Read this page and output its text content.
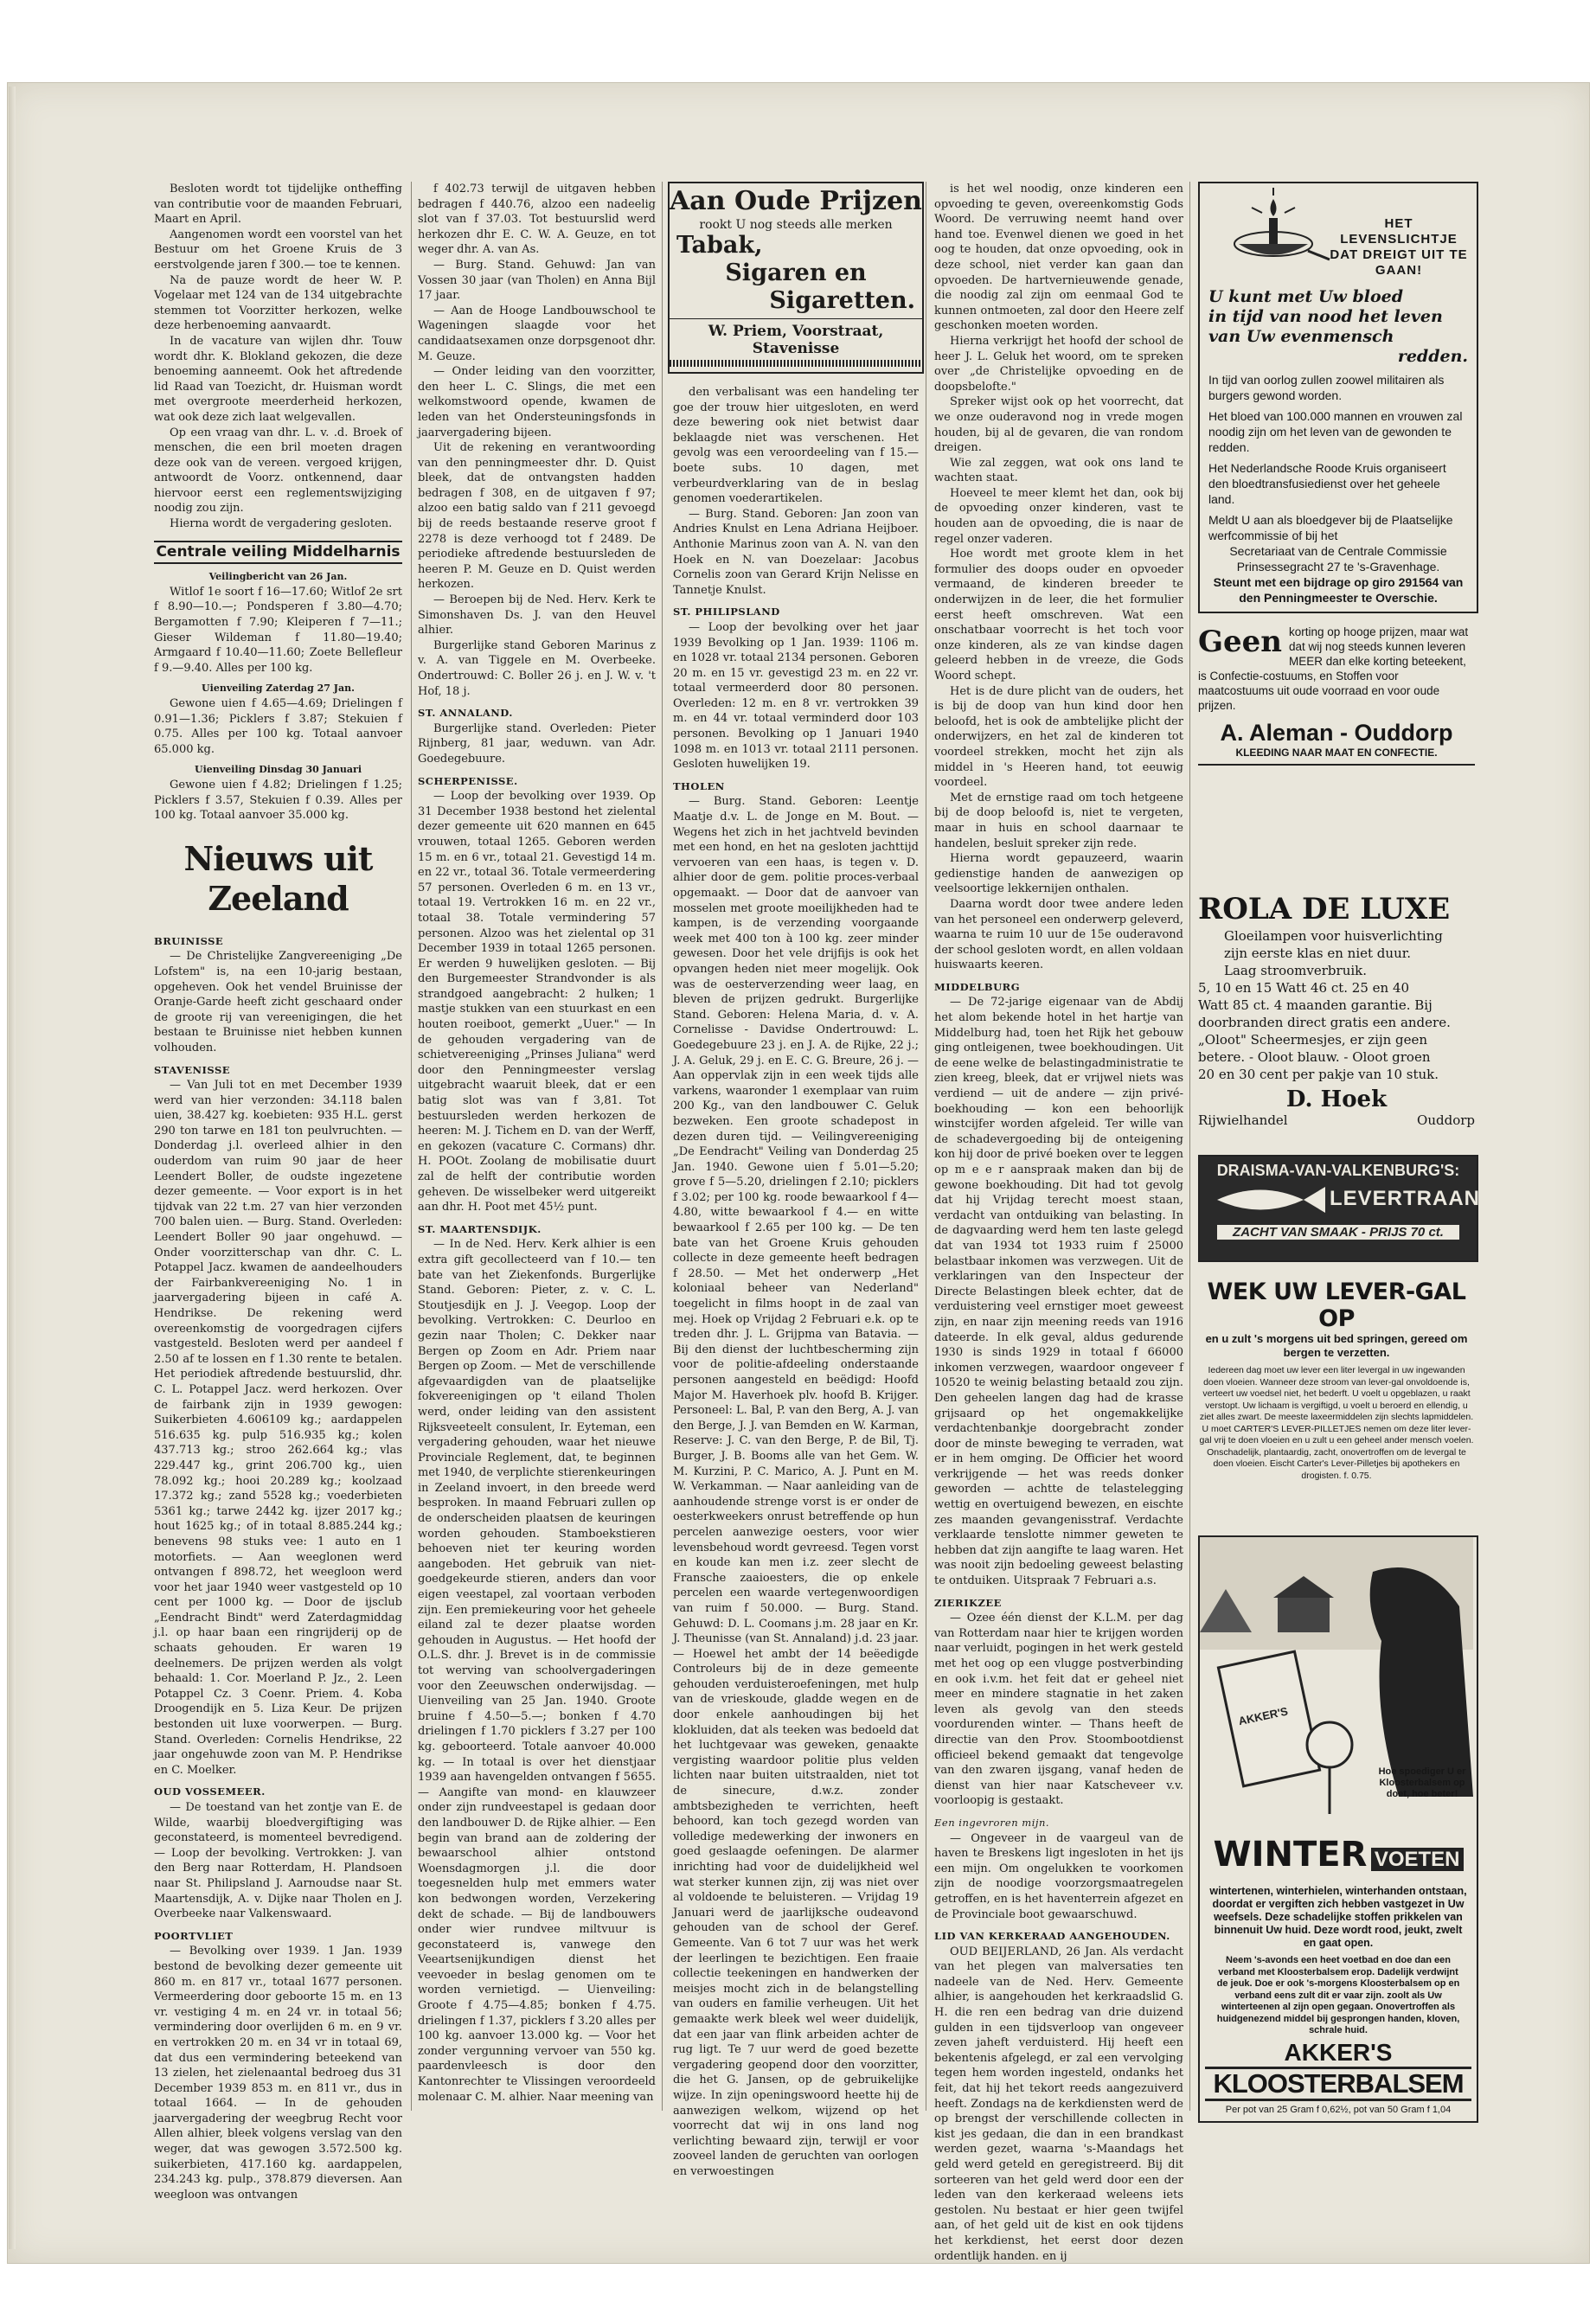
Besloten wordt tot tijdelijke ontheffing van contributie voor de maanden Februari, Maart en April.

Aangenomen wordt een voorstel van het Bestuur om het Groene Kruis de 3 eerstvolgende jaren f 300.— toe te kennen.

Na de pauze wordt de heer W. P. Vogelaar met 124 van de 134 uitgebrachte stemmen tot Voorzitter herkozen, welke deze herbenoeming aanvaardt.

In de vacature van wijlen dhr. Touw wordt dhr. K. Blokland gekozen, die deze benoeming aanneemt. Ook het aftredende lid Raad van Toezicht, dr. Huisman wordt met overgroote meerderheid herkozen, wat ook deze zich laat welgevallen.

Op een vraag van dhr. L. v. .d. Broek of menschen, die een bril moeten dragen deze ook van de vereen. vergoed krijgen, antwoordt de Voorz. ontkennend, daar hiervoor eerst een reglementswijziging noodig zou zijn.

Hierna wordt de vergadering gesloten.

Centrale veiling Middelharnis

Veilingbericht van 26 Jan.

Witlof 1e soort f 16—17.60; Witlof 2e srt f 8.90—10.—; Pondsperen f 3.80—4.70; Bergamotten f 7.90; Kleiperen f 7—11.; Gieser Wildeman f 11.80—19.40; Armgaard f 10.40—11.60; Zoete Bellefleur f 9.—9.40. Alles per 100 kg.

Uienveiling Zaterdag 27 Jan.

Gewone uien f 4.65—4.69; Drielingen f 0.91—1.36; Picklers f 3.87; Stekuien f 0.75. Alles per 100 kg. Totaal aanvoer 65.000 kg.

Uienveiling Dinsdag 30 Januari

Gewone uien f 4.82; Drielingen f 1.25; Picklers f 3.57, Stekuien f 0.39. Alles per 100 kg. Totaal aanvoer 35.000 kg.

Nieuws uit Zeeland

BRUINISSE

— De Christelijke Zangvereeniging „De Lofstem" is, na een 10-jarig bestaan, opgeheven. Ook het vendel Bruinisse der Oranje-Garde heeft zicht geschaard onder de groote rij van vereenigingen, die het bestaan te Bruinisse niet hebben kunnen volhouden.

STAVENISSE

— Van Juli tot en met December 1939 werd van hier verzonden: 34.118 balen uien, 38.427 kg. koebieten: 935 H.L. gerst 290 ton tarwe en 181 ton peulvruchten. — Donderdag j.l. overleed alhier in den ouderdom van ruim 90 jaar de heer Leendert Boller, de oudste ingezetene dezer gemeente. — Voor export is in het tijdvak van 22 t.m. 27 van hier verzonden 700 balen uien. — Burg. Stand. Overleden: Leendert Boller 90 jaar ongehuwd. — Onder voorzitterschap van dhr. C. L. Potappel Jacz. kwamen de aandeelhouders der Fairbankvereeniging No. 1 in jaarvergadering bijeen in café A. Hendrikse. De rekening werd overeenkomstig de voorgedragen cijfers vastgesteld. Besloten werd per aandeel f 2.50 af te lossen en f 1.30 rente te betalen. Het periodiek aftredende bestuurslid, dhr. C. L. Potappel Jacz. werd herkozen. Over de fairbank zijn in 1939 gewogen: Suikerbieten 4.606109 kg.; aardappelen 516.635 kg. pulp 516.935 kg.; kolen 437.713 kg.; stroo 262.664 kg.; vlas 229.447 kg., grint 206.700 kg., uien 78.092 kg.; hooi 20.289 kg.; koolzaad 17.372 kg.; zand 5528 kg.; voederbieten 5361 kg.; tarwe 2442 kg. ijzer 2017 kg.; hout 1625 kg.; of in totaal 8.885.244 kg.; benevens 98 stuks vee: 1 auto en 1 motorfiets. — Aan weeglonen werd ontvangen f 898.72, het weegloon werd voor het jaar 1940 weer vastgesteld op 10 cent per 1000 kg. — Door de ijsclub „Eendracht Bindt" werd Zaterdagmiddag j.l. op haar baan een ringrijderij op de schaats gehouden. Er waren 19 deelnemers. De prijzen werden als volgt behaald: 1. Cor. Moerland P. Jz., 2. Leen Potappel Cz. 3 Coenr. Priem. 4. Koba Droogendijk en 5. Liza Keur. De prijzen bestonden uit luxe voorwerpen. — Burg. Stand. Overleden: Cornelis Hendrikse, 22 jaar ongehuwde zoon van M. P. Hendrikse en C. Moelker.

OUD VOSSEMEER.

— De toestand van het zontje van E. de Wilde, waarbij bloedvergiftiging was geconstateerd, is momenteel bevredigend. — Loop der bevolking. Vertrokken: J. van den Berg naar Rotterdam, H. Plandsoen naar St. Philipsland J. Aarnoudse naar St. Maartensdijk, A. v. Dijke naar Tholen en J. Overbeeke naar Valkenswaard.

POORTVLIET

— Bevolking over 1939. 1 Jan. 1939 bestond de bevolking dezer gemeente uit 860 m. en 817 vr., totaal 1677 personen. Vermeerdering door geboorte 15 m. en 13 vr. vestiging 4 m. en 24 vr. in totaal 56; vermindering door overlijden 6 m. en 9 vr. en vertrokken 20 m. en 34 vr in totaal 69, dat dus een vermindering beteekend van 13 zielen, het zielenaantal bedroeg dus 31 December 1939 853 m. en 811 vr., dus in totaal 1664. — In de gehouden jaarvergadering der weegbrug Recht voor Allen alhier, bleek volgens verslag van den weger, dat was gewogen 3.572.500 kg. suikerbieten, 417.160 kg. aardappelen, 234.243 kg. pulp., 378.879 dieversen. Aan weegloon was ontvangen

f 402.73 terwijl de uitgaven hebben bedragen f 440.76, alzoo een nadeelig slot van f 37.03. Tot bestuurslid werd herkozen dhr E. C. W. A. Geuze, en tot weger dhr. A. van As.

— Burg. Stand. Gehuwd: Jan van Vossen 30 jaar (van Tholen) en Anna Bijl 17 jaar.

— Aan de Hooge Landbouwschool te Wageningen slaagde voor het candidaatsexamen onze dorpsgenoot dhr. M. Geuze.

— Onder leiding van den voorzitter, den heer L. C. Slings, die met een welkomstwoord opende, kwamen de leden van het Ondersteuningsfonds in jaarvergadering bijeen.

Uit de rekening en verantwoording van den penningmeester dhr. D. Quist bleek, dat de ontvangsten hadden bedragen f 308, en de uitgaven f 97; alzoo een batig saldo van f 211 gevoegd bij de reeds bestaande reserve groot f 2278 is deze verhoogd tot f 2489. De periodieke aftredende bestuursleden de heeren P. M. Geuze en D. Quist werden herkozen.

— Beroepen bij de Ned. Herv. Kerk te Simonshaven Ds. J. van den Heuvel alhier.

Burgerlijke stand Geboren Marinus z v. A. van Tiggele en M. Overbeeke. Ondertrouwd: C. Boller 26 j. en J. W. v. 't Hof, 18 j.

ST. ANNALAND.

Burgerlijke stand. Overleden: Pieter Rijnberg, 81 jaar, weduwn. van Adr. Goedegebuure.

SCHERPENISSE.

— Loop der bevolking over 1939. Op 31 December 1938 bestond het zielental dezer gemeente uit 620 mannen en 645 vrouwen, totaal 1265. Geboren werden 15 m. en 6 vr., totaal 21. Gevestigd 14 m. en 22 vr., totaal 36. Totale vermeerdering 57 personen. Overleden 6 m. en 13 vr., totaal 19. Vertrokken 16 m. en 22 vr., totaal 38. Totale vermindering 57 personen. Alzoo was het zielental op 31 December 1939 in totaal 1265 personen. Er werden 9 huwelijken gesloten. — Bij den Burgemeester Strandvonder is als strandgoed aangebracht: 2 hulken; 1 mastje stukken van een stuurkast en een houten roeiboot, gemerkt „Uuer." — In de gehouden vergadering van de schietvereeniging „Prinses Juliana" werd door den Penningmeester verslag uitgebracht waaruit bleek, dat er een batig slot was van f 3,81. Tot bestuursleden werden herkozen de heeren: M. J. Tichem en D. van der Werff, en gekozen (vacature C. Cormans) dhr. H. POOt. Zoolang de mobilisatie duurt zal de helft der contributie worden geheven. De wisselbeker werd uitgereikt aan dhr. H. Poot met 45½ punt.

ST. MAARTENSDIJK.

— In de Ned. Herv. Kerk alhier is een extra gift gecollecteerd van f 10.— ten bate van het Ziekenfonds. Burgerlijke Stand. Geboren: Pieter, z. v. C. L. Stoutjesdijk en J. J. Veegop. Loop der bevolking. Vertrokken: C. Deurloo en gezin naar Tholen; C. Dekker naar Bergen op Zoom en Adr. Priem naar Bergen op Zoom. — Met de verschillende afgevaardigden van de plaatselijke fokvereenigingen op 't eiland Tholen werd, onder leiding van den assistent Rijksveeteelt consulent, Ir. Eyteman, een vergadering gehouden, waar het nieuwe Provinciale Reglement, dat, te beginnen met 1940, de verplichte stierenkeuringen in Zeeland invoert, in den breede werd besproken. In maand Februari zullen op de onderscheiden plaatsen de keuringen worden gehouden. Stamboekstieren behoeven niet ter keuring worden aangeboden. Het gebruik van niet-goedgekeurde stieren, anders dan voor eigen veestapel, zal voortaan verboden zijn. Een premiekeuring voor het geheele eiland zal te dezer plaatse worden gehouden in Augustus. — Het hoofd der O.L.S. dhr. J. Brevet is in de commissie tot werving van schoolvergaderingen voor den Zeeuwschen onderwijsdag. — Uienveiling van 25 Jan. 1940. Groote bruine f 4.50—5.—; bonken f 4.70 drielingen f 1.70 picklers f 3.27 per 100 kg. geboorteerd. Totale aanvoer 40.000 kg. — In totaal is over het dienstjaar 1939 aan havengelden ontvangen f 5655. — Aangifte van mond- en klauwzeer onder zijn rundveestapel is gedaan door den landbouwer D. de Rijke alhier. — Een begin van brand aan de zoldering der bewaarschool alhier ontstond Woensdagmorgen j.l. die door toegesnelden hulp met emmers water kon bedwongen worden, Verzekering dekt de schade. — Bij de landbouwers onder wier rundvee miltvuur is geconstateerd is, vanwege den Veeartsenijkundigen dienst het veevoeder in beslag genomen om te worden vernietigd. — Uienveiling: Groote f 4.75—4.85; bonken f 4.75. drielingen f 1.37, picklers f 3.20 alles per 100 kg. aanvoer 13.000 kg. — Voor het zonder vergunning vervoer van 550 kg. paardenvleesch is door den Kantonrechter te Vlissingen veroordeeld molenaar C. M. alhier. Naar meening van

Aan Oude Prijzen
rookt U nog steeds alle merken
Tabak,
Sigaren en
Sigaretten.
W. Priem, Voorstraat, Stavenisse

den verbalisant was een handeling ter goe der trouw hier uitgesloten, en werd deze bewering ook niet betwist daar beklaagde niet was verschenen. Het gevolg was een veroordeeling van f 15.— boete subs. 10 dagen, met verbeurdverklaring van de in beslag genomen voederartikelen.

— Burg. Stand. Geboren: Jan zoon van Andries Knulst en Lena Adriana Heijboer. Anthonie Marinus zoon van A. N. van den Hoek en N. van Doezelaar: Jacobus Cornelis zoon van Gerard Krijn Nelisse en Tannetje Knulst.

ST. PHILIPSLAND

— Loop der bevolking over het jaar 1939 Bevolking op 1 Jan. 1939: 1106 m. en 1028 vr. totaal 2134 personen. Geboren 20 m. en 15 vr. gevestigd 23 m. en 22 vr. totaal vermeerderd door 80 personen. Overleden: 12 m. en 8 vr. vertrokken 39 m. en 44 vr. totaal verminderd door 103 personen. Bevolking op 1 Januari 1940 1098 m. en 1013 vr. totaal 2111 personen. Gesloten huwelijken 19.

THOLEN

— Burg. Stand. Geboren: Leentje Maatje d.v. L. de Jonge en M. Bout. — Wegens het zich in het jachtveld bevinden met een hond, en het na gesloten jachttijd vervoeren van een haas, is tegen v. D. alhier door de gem. politie proces-verbaal opgemaakt. — Door dat de aanvoer van mosselen met groote moeilijkheden had te kampen, is de verzending voorgaande week met 400 ton à 100 kg. zeer minder gewesen. Door het vele drijfijs is ook het opvangen heden niet meer mogelijk. Ook was de oesterverzending weer laag, en bleven de prijzen gedrukt. Burgerlijke Stand. Geboren: Helena Maria, d. v. A. Cornelisse - Davidse Ondertrouwd: L. Goedegebuure 23 j. en J. A. de Rijke, 22 j.; J. A. Geluk, 29 j. en E. C. G. Breure, 26 j. — Aan oppervlak zijn in een week tijds alle varkens, waaronder 1 exemplaar van ruim 200 Kg., van den landbouwer C. Geluk bezweken. Een groote schadepost in dezen duren tijd. — Veilingvereeniging „De Eendracht" Veiling van Donderdag 25 Jan. 1940. Gewone uien f 5.01—5.20; grove f 5—5.20, drielingen f 2.10; picklers f 3.02; per 100 kg. roode bewaarkool f 4—4.80, witte bewaarkool f 4.— en witte bewaarkool f 2.65 per 100 kg. — De ten bate van het Groene Kruis gehouden collecte in deze gemeente heeft bedragen f 28.50. — Met het onderwerp „Het koloniaal beheer van Nederland" toegelicht in films hoopt in de zaal van mej. Hoek op Vrijdag 2 Februari e.k. op te treden dhr. J. L. Grijpma van Batavia. — Bij den dienst der luchtbescherming zijn voor de politie-afdeeling onderstaande personen aangesteld en beëdigd: Hoofd Major M. Haverhoek plv. hoofd B. Krijger. Personeel: L. Bal, P. van den Berg, A. J. van den Berge, J. J. van Bemden en W. Karman, Reserve: J. C. van den Berge, P. de Bil, Tj. Burger, J. B. Booms alle van het Gem. W. M. Kurzini, P. C. Marico, A. J. Punt en M. W. Verkamman. — Naar aanleiding van de aanhoudende strenge vorst is er onder de oesterkweekers onrust betreffende op hun percelen aanwezige oesters, voor wier levensbehoud wordt gevreesd. Tegen vorst en koude kan men i.z. zeer slecht de Fransche zaaioesters, die op enkele percelen een waarde vertegenwoordigen van ruim f 50.000. — Burg. Stand. Gehuwd: D. L. Coomans j.m. 28 jaar en Kr. J. Theunisse (van St. Annaland) j.d. 23 jaar. — Hoewel het ambt der 14 beëedigde Controleurs bij de in deze gemeente gehouden verduisteroefeningen, met hulp van de vrieskoude, gladde wegen en de door enkele aanhoudingen bij het klokluiden, dat als teeken was bedoeld dat het luchtgevaar was geweken, genaakte vergisting waardoor politie plus velden lichten naar buiten uitstraalden, niet tot de sinecure, d.w.z. zonder ambtsbezigheden te verrichten, heeft behoord, kan toch gezegd worden van volledige medewerking der inwoners en goed geslaagde oefeningen. De alarmer inrichting had voor de duidelijkheid wel wat sterker kunnen zijn, zij was niet over al voldoende te beluisteren. — Vrijdag 19 Januari werd de jaarlijksche oudeavond gehouden van de school der Geref. Gemeente. Van 6 tot 7 uur was het werk der leerlingen te bezichtigen. Een fraaie collectie teekeningen en handwerken der meisjes mocht zich in de belangstelling van ouders en familie verheugen. Uit het gemaakte werk bleek wel weer duidelijk, dat een jaar van flink arbeiden achter de rug ligt. Te 7 uur werd de goed bezette vergadering geopend door den voorzitter, die het G. Jansen, op de gebruikelijke wijze. In zijn openingswoord heette hij de aanwezigen welkom, wijzend op het voorrecht dat wij in ons land nog verlichting bewaard zijn, terwijl er voor zooveel landen de geruchten van oorlogen en verwoestingen

is het wel noodig, onze kinderen een opvoeding te geven, overeenkomstig Gods Woord. De verruwing neemt hand over hand toe. Evenwel dienen we goed in het oog te houden, dat onze opvoeding, ook in deze school, niet verder kan gaan dan opvoeden. De hartvernieuwende genade, die noodig zal zijn om eenmaal God te kunnen ontmoeten, zal door den Heere zelf geschonken moeten worden.

Hierna verkrijgt het hoofd der school de heer J. L. Geluk het woord, om te spreken over „de Christelijke opvoeding en de doopsbelofte."

Spreker wijst ook op het voorrecht, dat we onze ouderavond nog in vrede mogen houden, bij al de gevaren, die van rondom dreigen.

Wie zal zeggen, wat ook ons land te wachten staat.

Hoeveel te meer klemt het dan, ook bij de opvoeding onzer kinderen, vast te houden aan de opvoeding, die is naar de regel onzer vaderen.

Hoe wordt met groote klem in het formulier des doops ouder en opvoeder vermaand, de kinderen breeder te onderwijzen in de leer, die het formulier eerst heeft omschreven. Wat een onschatbaar voorrecht is het toch voor onze kinderen, als ze van kindse dagen geleerd hebben in de vreeze, die Gods Woord schept.

Het is de dure plicht van de ouders, het is bij de doop van hun kind door hen beloofd, het is ook de ambtelijke plicht der onderwijzers, en het zal de kinderen tot voordeel strekken, mocht het zijn als middel in 's Heeren hand, tot eeuwig voordeel.

Met de ernstige raad om toch hetgeene bij de doop beloofd is, niet te vergeten, maar in huis en school daarnaar te handelen, besluit spreker zijn rede.

Hierna wordt gepauzeerd, waarin gedienstige handen de aanwezigen op veelsoortige lekkernijen onthalen.

Daarna wordt door twee andere leden van het personeel een onderwerp geleverd, waarna te ruim 10 uur de 15e ouderavond der school gesloten wordt, en allen voldaan huiswaarts keeren.

MIDDELBURG

— De 72-jarige eigenaar van de Abdij het alom bekende hotel in het hartje van Middelburg had, toen het Rijk het gebouw ging ontleigenen, twee boekhoudingen. Uit de eene welke de belastingadministratie te zien kreeg, bleek, dat er vrijwel niets was verdiend — uit de andere — zijn privé-boekhouding — kon een behoorlijk winstcijfer worden afgeleid. Ter wille van de schadevergoeding bij de onteigening kon hij door de privé boeken over te leggen op m e e r aanspraak maken dan bij de gewone boekhouding. Dit had tot gevolg dat hij Vrijdag terecht moest staan, verdacht van ontduiking van belasting. In de dagvaarding werd hem ten laste gelegd dat van 1934 tot 1933 ruim f 25000 belastbaar inkomen was verzwegen. Uit de verklaringen van den Inspecteur der Directe Belastingen bleek echter, dat de verduistering veel ernstiger moet geweest zijn, en naar zijn meening reeds van 1916 dateerde. In elk geval, aldus gedurende 1930 is sinds 1929 in totaal f 66000 inkomen verzwegen, waardoor ongeveer f 10520 te weinig belasting betaald zou zijn. Den geheelen langen dag had de krasse grijsaard op het ongemakkelijke verdachtenbankje doorgebracht zonder door de minste beweging te verraden, wat er in hem omging. De Officier het woord verkrijgende — het was reeds donker geworden — achtte de telastelegging wettig en overtuigend bewezen, en eischte zes maanden gevangenisstraf. Verdachte verklaarde tenslotte nimmer geweten te hebben dat zijn aangifte te laag waren. Het was nooit zijn bedoeling geweest belasting te ontduiken. Uitspraak 7 Februari a.s.

ZIERIKZEE

— Ozee één dienst der K.L.M. per dag van Rotterdam naar hier te krijgen worden naar verluidt, pogingen in het werk gesteld met het oog op een vlugge postverbinding en ook i.v.m. het feit dat er geheel niet meer en mindere stagnatie in het zaken leven als gevolg van den steeds voordurenden winter. — Thans heeft de directie van den Prov. Stoombootdienst officieel bekend gemaakt dat tengevolge van den zwaren ijsgang, vanaf heden de dienst van hier naar Katscheveer v.v. voorloopig is gestaakt.

Een ingevroren mijn.

— Ongeveer in de vaargeul van de haven te Breskens ligt ingesloten in het ijs een mijn. Om ongelukken te voorkomen zijn de noodige voorzorgsmaatregelen getroffen, en is het haventerrein afgezet en de Provinciale boot gewaarschuwd.

LID VAN KERKERAAD AANGEHOUDEN.

OUD BEIJERLAND, 26 Jan. Als verdacht van het plegen van malversaties ten nadeele van de Ned. Herv. Gemeente alhier, is aangehouden het kerkraadslid G. H. die ren een bedrag van drie duizend gulden in een tijdsverloop van ongeveer zeven jaheft verduisterd. Hij heeft een bekentenis afgelegd, er zal een vervolging tegen hem worden ingesteld, ondanks het feit, dat hij het tekort reeds aangezuiverd heeft. Zondags na de kerkdiensten werd de op brengst der verschillende collecten in kist jes gedaan, die dan in een brandkast werden gezet, waarna 's-Maandags het geld werd geteld en geregistreerd. Bij dit sorteeren van het geld werd door een der leden van den kerkeraad weleens iets gestolen. Nu bestaat er hier geen twijfel aan, of het geld uit de kist en ook tijdens het kerkdienst, het eerst door dezen ordentlijk handen. en ij

HET LEVENSLICHTJE DAT DREIGT UIT TE GAAN!
U kunt met Uw bloed
in tijd van nood het leven
van Uw evenmensch
redden.
In tijd van oorlog zullen zoowel militairen als burgers gewond worden.
Het bloed van 100.000 mannen en vrouwen zal noodig zijn om het leven van de gewonden te redden.
Het Nederlandsche Roode Kruis organiseert den bloedtransfusiedienst over het geheele land.
Meldt U aan als bloedgever bij de Plaatselijke werfcommissie of bij het
Secretariaat van de Centrale Commissie
Prinsessegracht 27 te 's-Gravenhage.
Steunt met een bijdrage op giro 291564 van den Penningmeester te Overschie.
Geen korting op hooge prijzen, maar wat dat wij nog steeds kunnen leveren MEER dan elke korting beteekent, is Confectie-costuums, en Stoffen voor maatcostuums uit oude voorraad en voor oude prijzen.
A. Aleman - Ouddorp
KLEEDING NAAR MAAT EN CONFECTIE.
ROLA DE LUXE
Gloeilampen voor huisverlichting
zijn eerste klas en niet duur.
Laag stroomverbruik.
5, 10 en 15 Watt 46 ct. 25 en 40
Watt 85 ct. 4 maanden garantie. Bij
doorbranden direct gratis een andere.
„Oloot" Scheermesjes, er zijn geen
betere. - Oloot blauw. - Oloot groen
20 en 30 cent per pakje van 10 stuk.
D. Hoek
Rijwielhandel	Ouddorp
DRAISMA-VAN-VALKENBURG'S:
LEVERTRAAN
ZACHT VAN SMAAK - PRIJS 70 ct.
WEK UW LEVER-GAL OP
en u zult 's morgens uit bed springen, gereed om bergen te verzetten.
Iedereen dag moet uw lever een liter levergal in uw ingewanden doen vloeien. Wanneer deze stroom van lever-gal onvoldoende is, verteert uw voedsel niet, het bederft. U voelt u opgeblazen, u raakt verstopt. Uw lichaam is vergiftigd, u voelt u beroerd en ellendig, u ziet alles zwart. De meeste laxeermiddelen zijn slechts lapmiddelen. U moet CARTER'S LEVER-PILLETJES nemen om deze liter lever-gal vrij te doen vloeien en u zult u een geheel ander mensch voelen. Onschadelijk, plantaardig, zacht, onovertroffen om de levergal te doen vloeien. Eischt Carter's Lever-Pilletjes bij apothekers en drogisten. f. 0.75.
AKKER'S
Hoe spoediger U er Kloosterbalsem op doet, hoe beter!
WINTER VOETEN
wintertenen, winterhielen, winterhanden ontstaan, doordat er vergiften zich hebben vastgezet in Uw weefsels. Deze schadelijke stoffen prikkelen van binnenuit Uw huid. Deze wordt rood, jeukt, zwelt en gaat open.
Neem 's-avonds een heet voetbad en doe dan een verband met Kloosterbalsem erop. Dadelijk verdwijnt de jeuk. Doe er ook 's-morgens Kloosterbalsem op en verband eens zult dit er vaar zijn. zoolt als Uw winterteenen al zijn open gegaan. Onovertroffen als huidgenezend middel bij gesprongen handen, kloven, schrale huid.
AKKER'S
KLOOSTERBALSEM
Per pot van 25 Gram f 0,62½, pot van 50 Gram f 1,04
